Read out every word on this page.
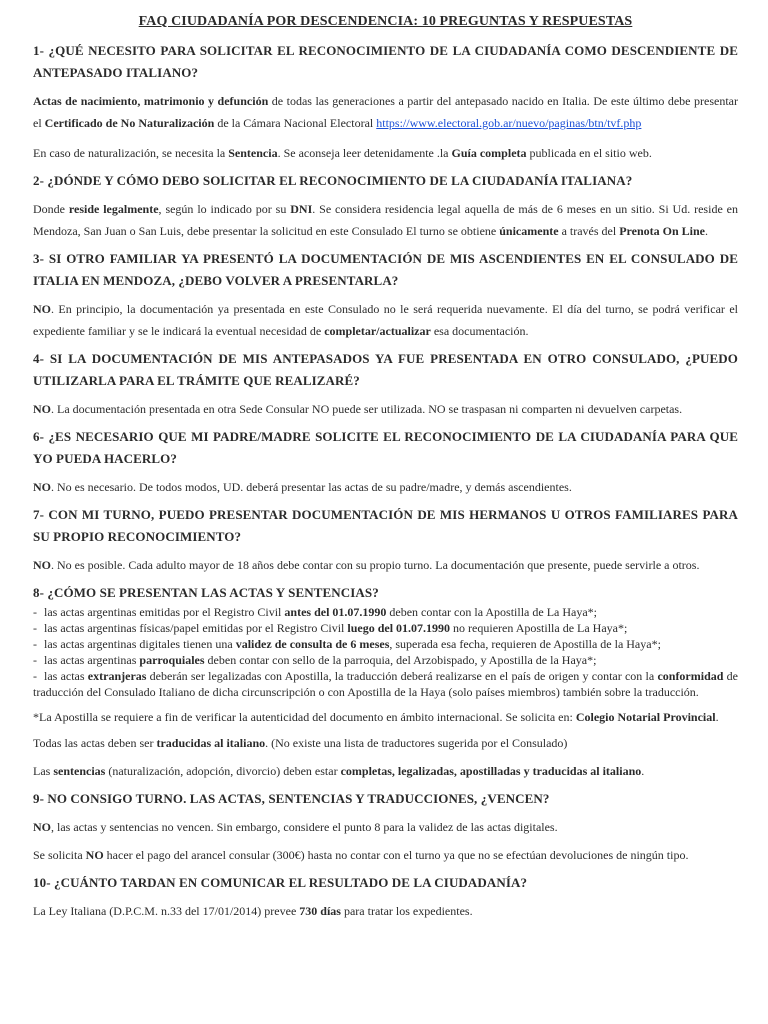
FAQ CIUDADANÍA POR DESCENDENCIA: 10 PREGUNTAS Y RESPUESTAS

1- ¿QUÉ NECESITO PARA SOLICITAR EL RECONOCIMIENTO DE LA CIUDADANÍA COMO DESCENDIENTE DE ANTEPASADO ITALIANO?

Actas de nacimiento, matrimonio y defunción de todas las generaciones a partir del antepasado nacido en Italia. De este último debe presentar el Certificado de No Naturalización de la Cámara Nacional Electoral https://www.electoral.gob.ar/nuevo/paginas/btn/tvf.php

En caso de naturalización, se necesita la Sentencia. Se aconseja leer detenidamente .la Guía completa publicada en el sitio web.

2- ¿DÓNDE Y CÓMO DEBO SOLICITAR EL RECONOCIMIENTO DE LA CIUDADANÍA ITALIANA?

Donde reside legalmente, según lo indicado por su DNI. Se considera residencia legal aquella de más de 6 meses en un sitio. Si Ud. reside en Mendoza, San Juan o San Luis, debe presentar la solicitud en este Consulado El turno se obtiene únicamente a través del Prenota On Line.

3- SI OTRO FAMILIAR YA PRESENTÓ LA DOCUMENTACIÓN DE MIS ASCENDIENTES EN EL CONSULADO DE ITALIA EN MENDOZA, ¿DEBO VOLVER A PRESENTARLA?

NO. En principio, la documentación ya presentada en este Consulado no le será requerida nuevamente. El día del turno, se podrá verificar el expediente familiar y se le indicará la eventual necesidad de completar/actualizar esa documentación.

4- SI LA DOCUMENTACIÓN DE MIS ANTEPASADOS YA FUE PRESENTADA EN OTRO CONSULADO, ¿PUEDO UTILIZARLA PARA EL TRÁMITE QUE REALIZARÉ?

NO. La documentación presentada en otra Sede Consular NO puede ser utilizada. NO se traspasan ni comparten ni devuelven carpetas.

6- ¿ES NECESARIO QUE MI PADRE/MADRE SOLICITE EL RECONOCIMIENTO DE LA CIUDADANÍA PARA QUE YO PUEDA HACERLO?

NO. No es necesario. De todos modos, UD. deberá presentar las actas de su padre/madre, y demás ascendientes.

7- CON MI TURNO, PUEDO PRESENTAR DOCUMENTACIÓN DE MIS HERMANOS U OTROS FAMILIARES PARA SU PROPIO RECONOCIMIENTO?

NO. No es posible. Cada adulto mayor de 18 años debe contar con su propio turno. La documentación que presente, puede servirle a otros.

8- ¿CÓMO SE PRESENTAN LAS ACTAS Y SENTENCIAS?

- las actas argentinas emitidas por el Registro Civil antes del 01.07.1990 deben contar con la Apostilla de La Haya*;
- las actas argentinas físicas/papel emitidas por el Registro Civil luego del 01.07.1990 no requieren Apostilla de La Haya*;
- las actas argentinas digitales tienen una validez de consulta de 6 meses, superada esa fecha, requieren de Apostilla de la Haya*;
- las actas argentinas parroquiales deben contar con sello de la parroquia, del Arzobispado, y Apostilla de la Haya*;
- las actas extranjeras deberán ser legalizadas con Apostilla, la traducción deberá realizarse en el país de origen y contar con la conformidad de traducción del Consulado Italiano de dicha circunscripción o con Apostilla de la Haya (solo países miembros) también sobre la traducción.

*La Apostilla se requiere a fin de verificar la autenticidad del documento en ámbito internacional. Se solicita en: Colegio Notarial Provincial.

Todas las actas deben ser traducidas al italiano. (No existe una lista de traductores sugerida por el Consulado)

Las sentencias (naturalización, adopción, divorcio) deben estar completas, legalizadas, apostilladas y traducidas al italiano.

9- NO CONSIGO TURNO. LAS ACTAS, SENTENCIAS Y TRADUCCIONES, ¿VENCEN?

NO, las actas y sentencias no vencen. Sin embargo, considere el punto 8 para la validez de las actas digitales.

Se solicita NO hacer el pago del arancel consular (300€) hasta no contar con el turno ya que no se efectúan devoluciones de ningún tipo.

10- ¿CUÁNTO TARDAN EN COMUNICAR EL RESULTADO DE LA CIUDADANÍA?

La Ley Italiana (D.P.C.M. n.33 del 17/01/2014) prevee 730 días para tratar los expedientes.
